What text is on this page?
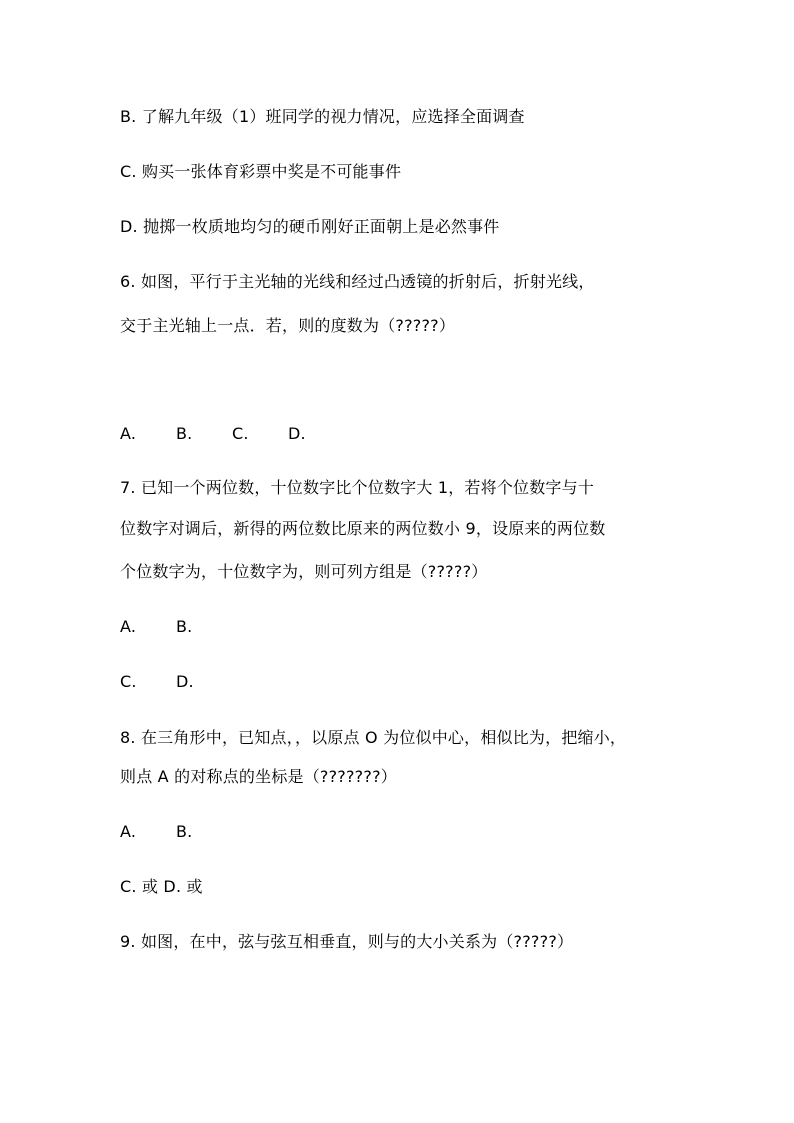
B. 了解九年级（1）班同学的视力情况，应选择全面调查
C. 购买一张体育彩票中奖是不可能事件
D. 抛掷一枚质地均匀的硬币刚好正面朝上是必然事件
6. 如图，平行于主光轴的光线和经过凸透镜的折射后，折射光线，
交于主光轴上一点．若，则的度数为（?????）
A. B. C. D.
7. 已知一个两位数，十位数字比个位数字大 1，若将个位数字与十
位数字对调后，新得的两位数比原来的两位数小 9，设原来的两位数
个位数字为，十位数字为，则可列方组是（?????）
A. B.
C. D.
8. 在三角形中，已知点，，以原点 O 为位似中心，相似比为，把缩小，
则点 A 的对称点的坐标是（???????）
A. B.
C. 或 D. 或
9. 如图，在中，弦与弦互相垂直，则与的大小关系为（?????）
